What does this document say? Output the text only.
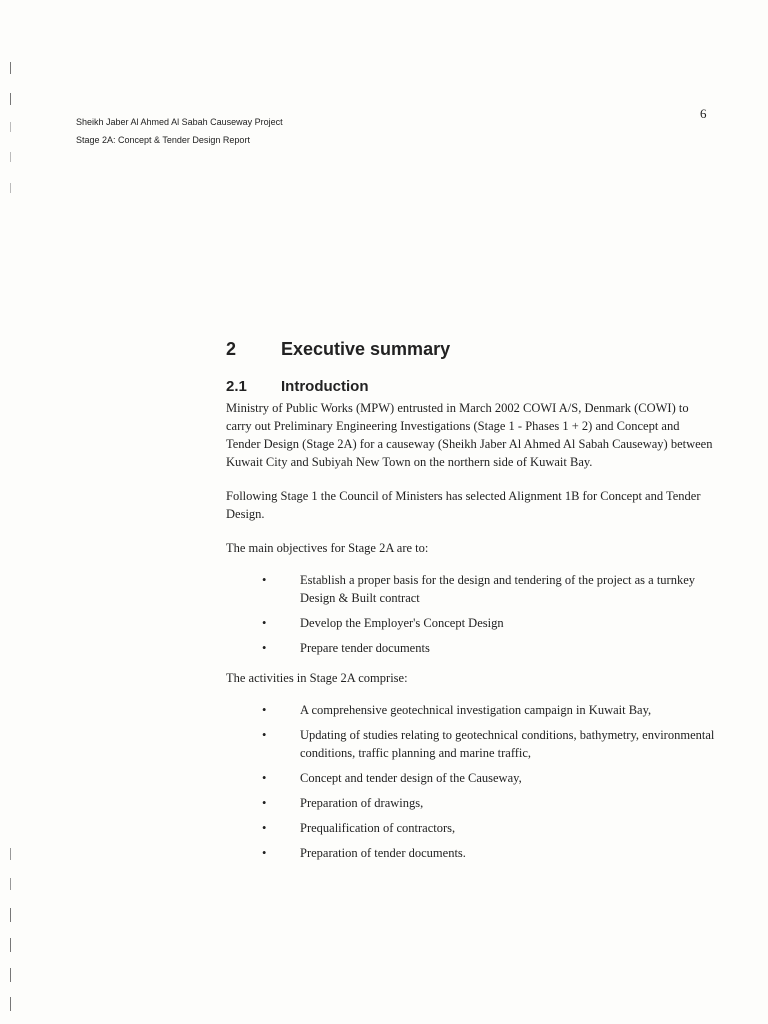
Sheikh Jaber Al Ahmed Al Sabah Causeway Project
Stage 2A: Concept & Tender Design Report
6
2	Executive summary
2.1	Introduction

Ministry of Public Works (MPW) entrusted in March 2002 COWI A/S, Denmark (COWI) to carry out Preliminary Engineering Investigations (Stage 1 - Phases 1 + 2) and Concept and Tender Design (Stage 2A) for a causeway (Sheikh Jaber Al Ahmed Al Sabah Causeway) between Kuwait City and Subiyah New Town on the northern side of Kuwait Bay.

Following Stage 1 the Council of Ministers has selected Alignment 1B for Concept and Tender Design.

The main objectives for Stage 2A are to:

•	Establish a proper basis for the design and tendering of the project as a turnkey Design & Built contract
•	Develop the Employer's Concept Design
•	Prepare tender documents

The activities in Stage 2A comprise:

•	A comprehensive geotechnical investigation campaign in Kuwait Bay,
•	Updating of studies relating to geotechnical conditions, bathymetry, environmental conditions, traffic planning and marine traffic,
•	Concept and tender design of the Causeway,
•	Preparation of drawings,
•	Prequalification of contractors,
•	Preparation of tender documents.
